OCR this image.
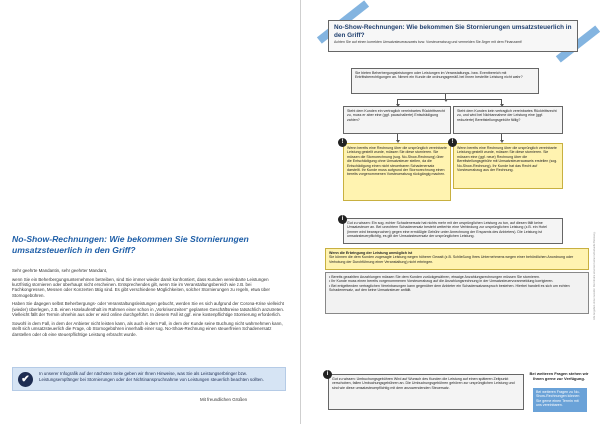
No-Show-Rechnungen: Wie bekommen Sie Stornierungen umsatzsteuerlich in den Griff?

Sehr geehrte Mandantin, sehr geehrter Mandant,

wenn Sie ein Beherbergungsunternehmen betreiben, sind Sie immer wieder damit konfrontiert, dass Kunden vereinbarte Leistungen kurzfristig stornieren oder überhaupt nicht erscheinen. Entsprechendes gilt, wenn Sie im Veranstaltungsbereich wie z.B. bei Fachkongressen, Messen oder Konzerten tätig sind. Es gibt verschiedene Möglichkeiten, solcher Stornierungen zu regeln, etwa über Stornogebühren.

Haben Sie dagegen selbst Beherbergungs- oder Veranstaltungsleistungen gebucht, werden Sie es sich aufgrund der Corona-Krise vielleicht (wieder) überlegen, z.B. einen Hotelaufenthalt im Rahmen einer schon in „Vorkrisenzeiten" geplanten Geschäftsreise tatsächlich anzutreten. Vielleicht fällt der Termin ohnehin aus oder er wird online durchgeführt. In diesem Fall ist ggf. eine kostenpflichtige Stornierung erforderlich.

Sowohl in dem Fall, in dem der Anbieter nicht leisten kann, als auch in dem Fall, in dem der Kunde seine Buchung nicht wahrnehmen kann, stellt sich umsatzsteuerlich die Frage, ob Stornogebühren innerhalb einer sog. No-Show-Rechnung einen steuerfreien Schadenersatz darstellen oder ob eine steuerpflichtige Leistung erbracht wurde.

✔
In unserer Infografik auf der nächsten Seite geben wir Ihnen Hinweise, was Sie als Leistungserbringer bzw. Leistungsempfänger bei Stornierungen oder der Nichtinanspruchnahme von Leistungen steuerlich beachten sollten.
Mit freundlichen Grüßen
No-Show-Rechnungen: Wie bekommen Sie Stornierungen umsatzsteuerlich in den Griff?
Achten Sie auf einen korrekten Umsatzsteuerausweis bzw. Vorsteuerabzug und vermeiden Sie Ärger mit dem Finanzamt!
Sie bieten Beherbergungsleistungen oder Leistungen im Veranstaltungs- bzw. Eventbereich mit Entrittsberechtigungen an. Nimmt ein Kunde die ordnungsgemäß bei Ihnen bestellte Leistung nicht wahr?
Steht dem Kunden ein vertraglich vereinbartes Rücktrittsrecht zu, muss er aber eine (ggf. pauschalierte) Entschädigung zahlen?
Steht dem Kunden kein vertraglich vereinbartes Rücktrittsrecht zu, und wird bei Nichtannahme der Leistung eine (ggf. reduzierte) Bereitstellungsgebühr fällig?
!
Wenn bereits eine Rechnung über die ursprünglich vereinbarte Leistung gestellt wurde, müssen Sie diese stornieren. Sie müssen die Stornorechnung (sog. No-Show-Rechnung) über die Entschädigung ohne Umsatzsteuer stellen, da die Entschädigung einen nicht steuerbaren Schadenersatz darstellt. Ihr Kunde muss aufgrund der Stornorechnung einen bereits vorgenommenen Vorsteuerabzug rückgängig machen.
!
Wenn bereits eine Rechnung über die ursprünglich vereinbarte Leistung gestellt wurde, müssen Sie diese stornieren. Sie müssen eine (ggf. neue) Rechnung über die Bereitstellungsgebühr mit Umsatzsteuerausweis erstellen (sog. No-Show-Rechnung). Ihr Kunde hat das Recht auf Vorsteuerabzug aus der Rechnung.
i
Gut zu wissen: Ein sog. echter Schadenersatz hat nichts mehr mit der ursprünglichen Leistung zu tun, auf diesen fällt keine Umsatzsteuer an. Bei unechtem Schadenersatz besteht weiterhin eine Verbindung zur ursprünglichen Leistung (z.B. ein Hotel (immer wird beanspruchen) gegen eine ermäßigte Gebühr unter Anrechnung der Ersparnis des Anbieters). Die Leistung ist umsatzsteuerpflichtig, es gilt der Umsatzsteuersatz der ursprünglichen Leistung.
Wenn die Erbringung der Leistung unmöglich ist
Sie können die dem Kunden zugesagte Leistung wegen höherer Gewalt (z.B. Schließung Ihres Unternehmens wegen einer behördlichen Anordnung oder Verbotung der Durchführung einer Veranstaltung) nicht erbringen.
• Bereits gezahlten Anzahlungen müssen Sie dem Kunden zurückgewähren, etwaige Anzahlungsrechnungen müssen Sie stornieren.
• Ihr Kunde muss einen bereits vorgenommenen Vorsteuerabzug auf die Anzahlungsrechnung in der Umsatzsteuervoranmeldung korrigieren.
• Bei entgeltenden vertraglichen Vereinbarungen kann gegenüber dem Anbieter ein Schadensatzanspruch bestehen. Hierbei handelt es sich um echten Schadenersatz, auf den keine Umsatzsteuer anfällt.
i
Gut zu wissen: Umbuchungsgebühren Wird auf Wunsch des Kunden die Leistung auf einen späteren Zeitpunkt verschoben, fallen Umbuchungsgebühren an. Die Umbuchungsgebühren gehören zur ursprünglichen Leistung und sind wie diese umsatzsteuerpflichtig mit dem anzuwendenden Steuersatz.
Bei weiteren Fragen stehen wir Ihnen gerne zur Verfügung.
Bei weiteren Fragen zu No-Show-Rechnungen können Sie gerne einen Termin mit uns vereinbaren.
Alle Angaben ohne Gewähr. Die Inhalte ersetzen keine individuelle Beratung.
